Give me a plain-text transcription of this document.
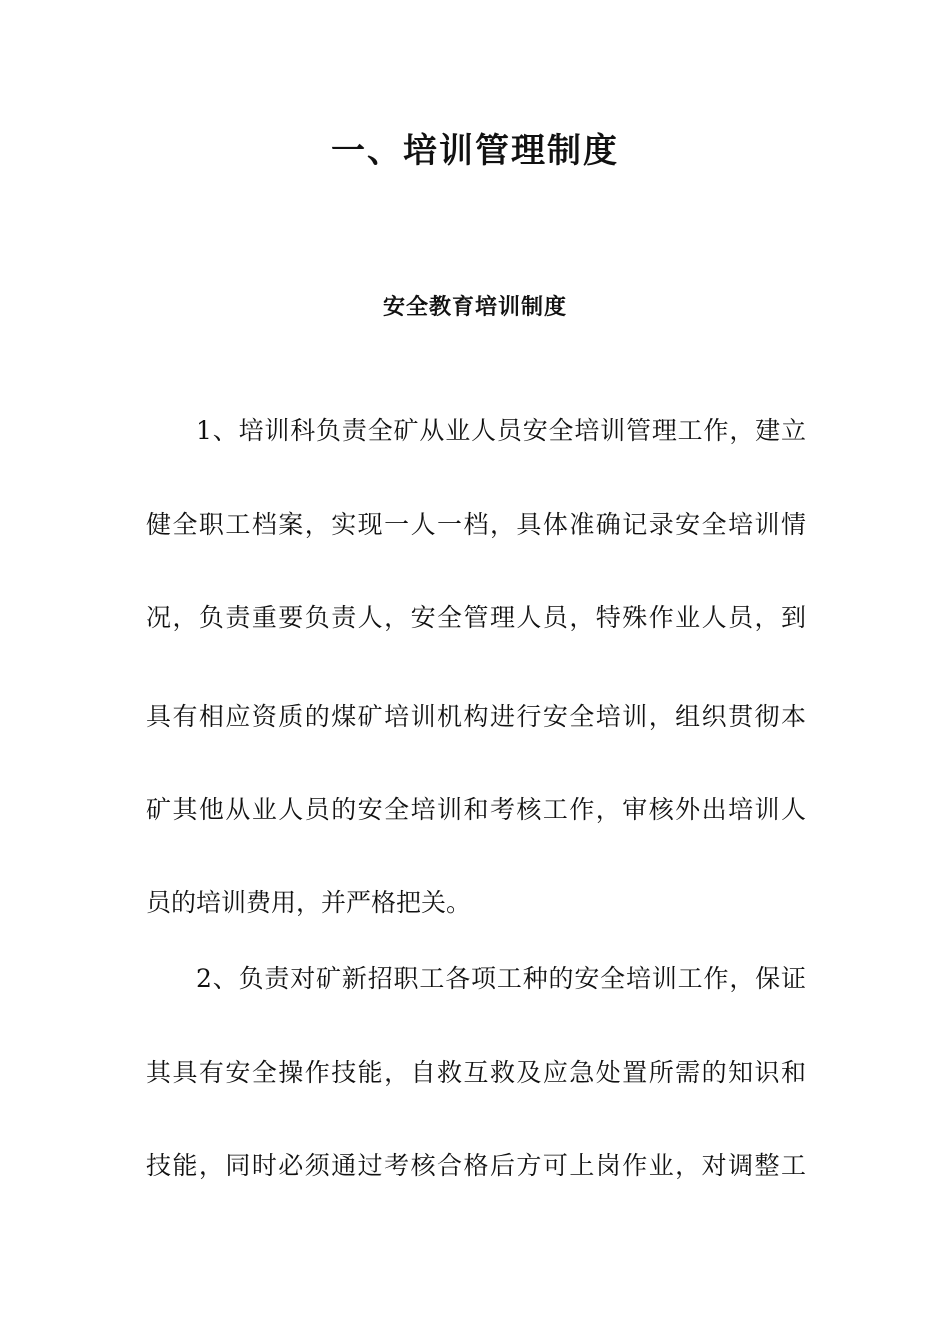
一、培训管理制度
安全教育培训制度

1、培训科负责全矿从业人员安全培训管理工作，建立

健全职工档案，实现一人一档，具体准确记录安全培训情

况，负责重要负责人，安全管理人员，特殊作业人员，到

具有相应资质的煤矿培训机构进行安全培训，组织贯彻本

矿其他从业人员的安全培训和考核工作，审核外出培训人

员的培训费用，并严格把关。

2、负责对矿新招职工各项工种的安全培训工作，保证

其具有安全操作技能，自救互救及应急处置所需的知识和

技能，同时必须通过考核合格后方可上岗作业，对调整工
